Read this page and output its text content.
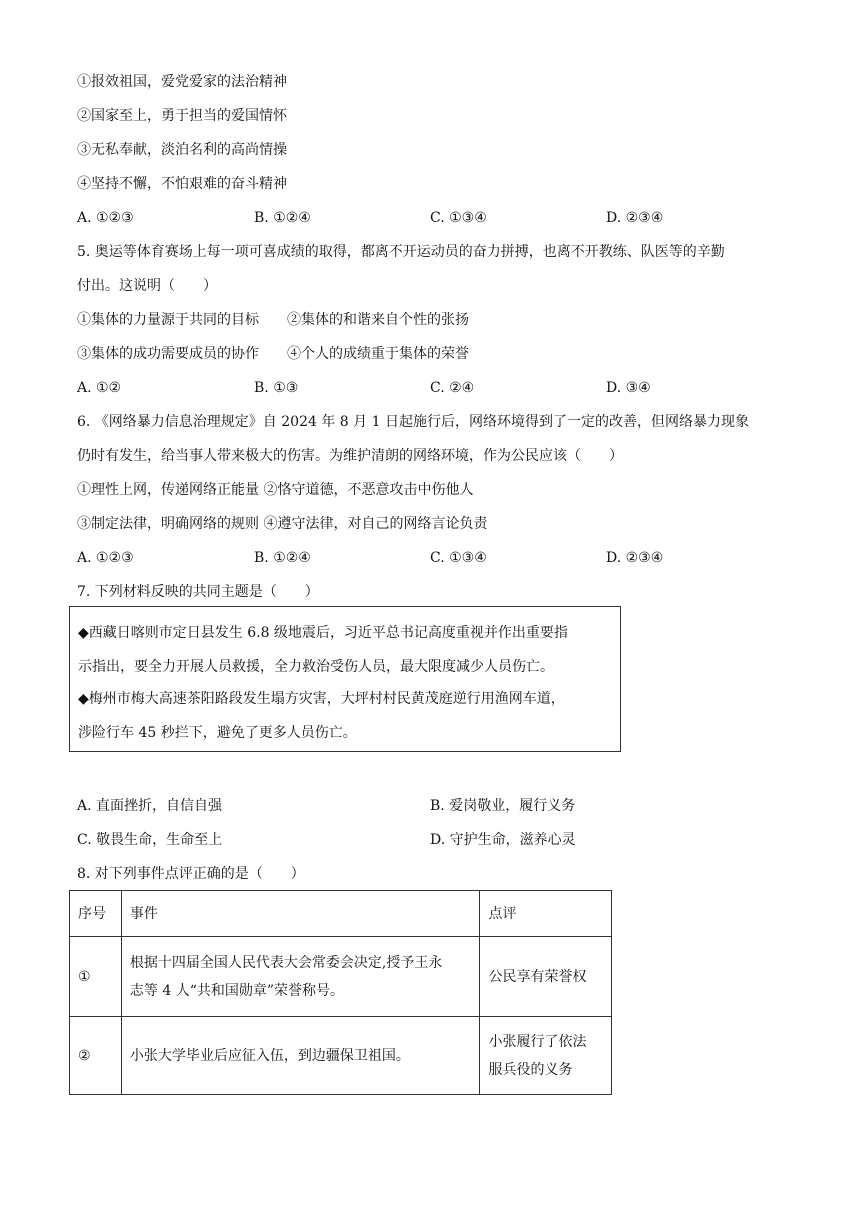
①报效祖国，爱党爱家的法治精神
②国家至上，勇于担当的爱国情怀
③无私奉献，淡泊名利的高尚情操
④坚持不懈，不怕艰难的奋斗精神
A. ①②③	B. ①②④	C. ①③④	D. ②③④
5. 奥运等体育赛场上每一项可喜成绩的取得，都离不开运动员的奋力拼搏，也离不开教练、队医等的辛勤
付出。这说明（　　）
①集体的力量源于共同的目标　　②集体的和谐来自个性的张扬
③集体的成功需要成员的协作　　④个人的成绩重于集体的荣誉
A. ①②	B. ①③	C. ②④	D. ③④
6. 《网络暴力信息治理规定》自 2024 年 8 月 1 日起施行后，网络环境得到了一定的改善，但网络暴力现象
仍时有发生，给当事人带来极大的伤害。为维护清朗的网络环境，作为公民应该（　　）
①理性上网，传递网络正能量 ②恪守道德，不恶意攻击中伤他人
③制定法律，明确网络的规则 ④遵守法律，对自己的网络言论负责
A. ①②③	B. ①②④	C. ①③④	D. ②③④
7. 下列材料反映的共同主题是（　　）
◆西藏日喀则市定日县发生 6.8 级地震后，习近平总书记高度重视并作出重要指
示指出，要全力开展人员救援，全力救治受伤人员，最大限度减少人员伤亡。
◆梅州市梅大高速茶阳路段发生塌方灾害，大坪村村民黄茂庭逆行用渔网车道，
涉险行车 45 秒拦下，避免了更多人员伤亡。
A. 直面挫折，自信自强	B. 爱岗敬业，履行义务
C. 敬畏生命，生命至上	D. 守护生命，滋养心灵
8. 对下列事件点评正确的是（　　）
序号	事件	点评
①	根据十四届全国人民代表大会常委会决定,授予王永
志等 4 人“共和国勋章”荣誉称号。	公民享有荣誉权

②	小张大学毕业后应征入伍，到边疆保卫祖国。	小张履行了依法
服兵役的义务
